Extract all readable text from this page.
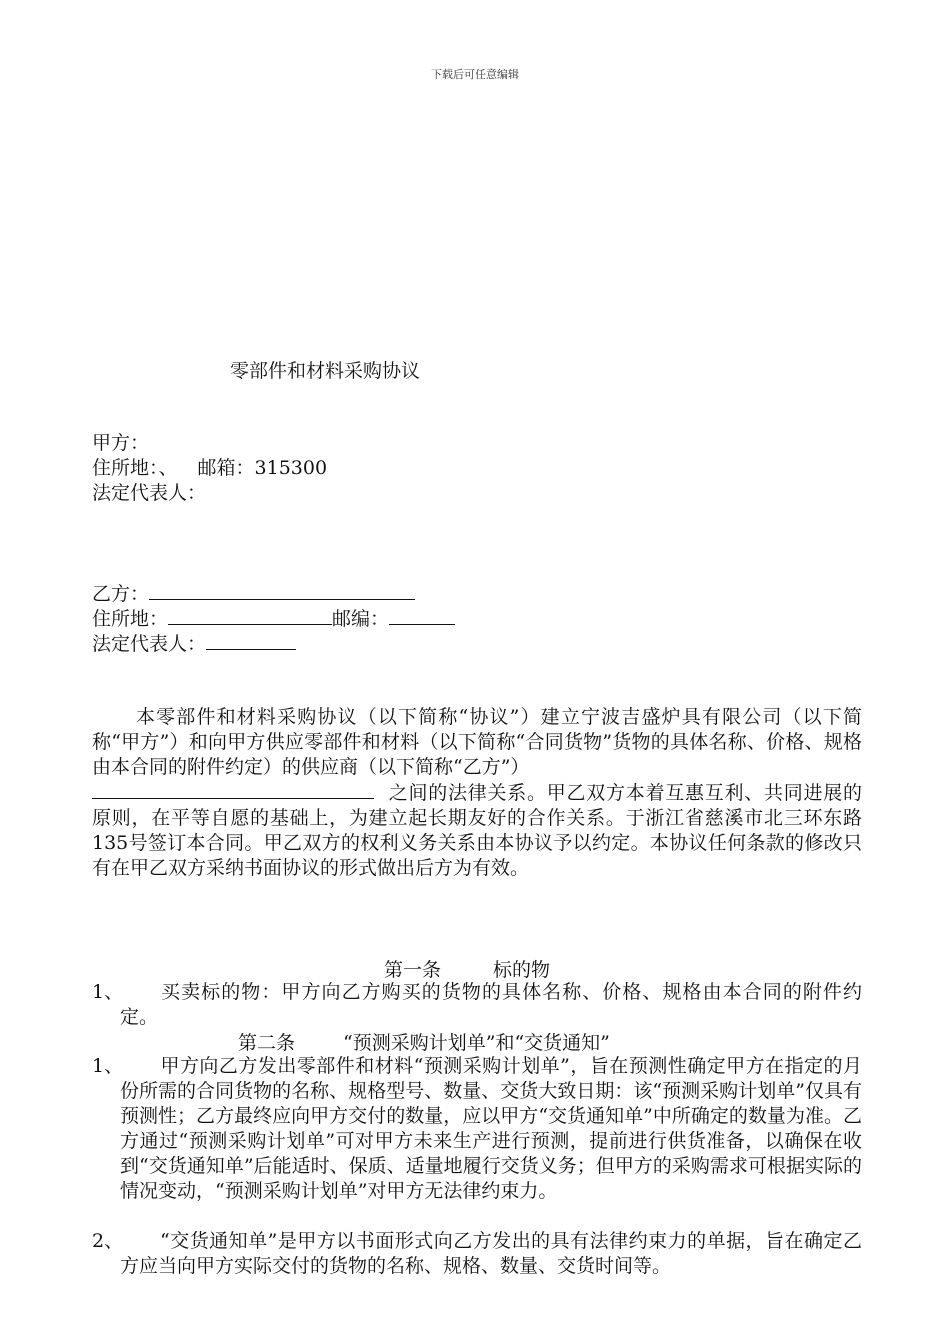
下载后可任意编辑
零部件和材料采购协议
甲方：
住所地：、 邮箱：315300
法定代表人：
乙方：
住所地：	邮编：
法定代表人：
本零部件和材料采购协议（以下简称“协议”）建立宁波吉盛炉具有限公司（以下简称“甲方”）和向甲方供应零部件和材料（以下简称“合同货物”货物的具体名称、价格、规格由本合同的附件约定）的供应商（以下简称“乙方”）
之间的法律关系。甲乙双方本着互惠互利、共同进展的原则，在平等自愿的基础上，为建立起长期友好的合作关系。于浙江省慈溪市北三环东路135号签订本合同。甲乙双方的权利义务关系由本协议予以约定。本协议任何条款的修改只有在甲乙双方采纳书面协议的形式做出后方为有效。
第一条	标的物
1、 买卖标的物：甲方向乙方购买的货物的具体名称、价格、规格由本合同的附件约定。
第二条	“预测采购计划单”和“交货通知”
1、 甲方向乙方发出零部件和材料“预测采购计划单”，旨在预测性确定甲方在指定的月份所需的合同货物的名称、规格型号、数量、交货大致日期：该“预测采购计划单”仅具有预测性；乙方最终应向甲方交付的数量，应以甲方“交货通知单”中所确定的数量为准。乙方通过“预测采购计划单”可对甲方未来生产进行预测，提前进行供货准备，以确保在收到“交货通知单”后能适时、保质、适量地履行交货义务；但甲方的采购需求可根据实际的情况变动，“预测采购计划单”对甲方无法律约束力。
2、 “交货通知单”是甲方以书面形式向乙方发出的具有法律约束力的单据，旨在确定乙方应当向甲方实际交付的货物的名称、规格、数量、交货时间等。
